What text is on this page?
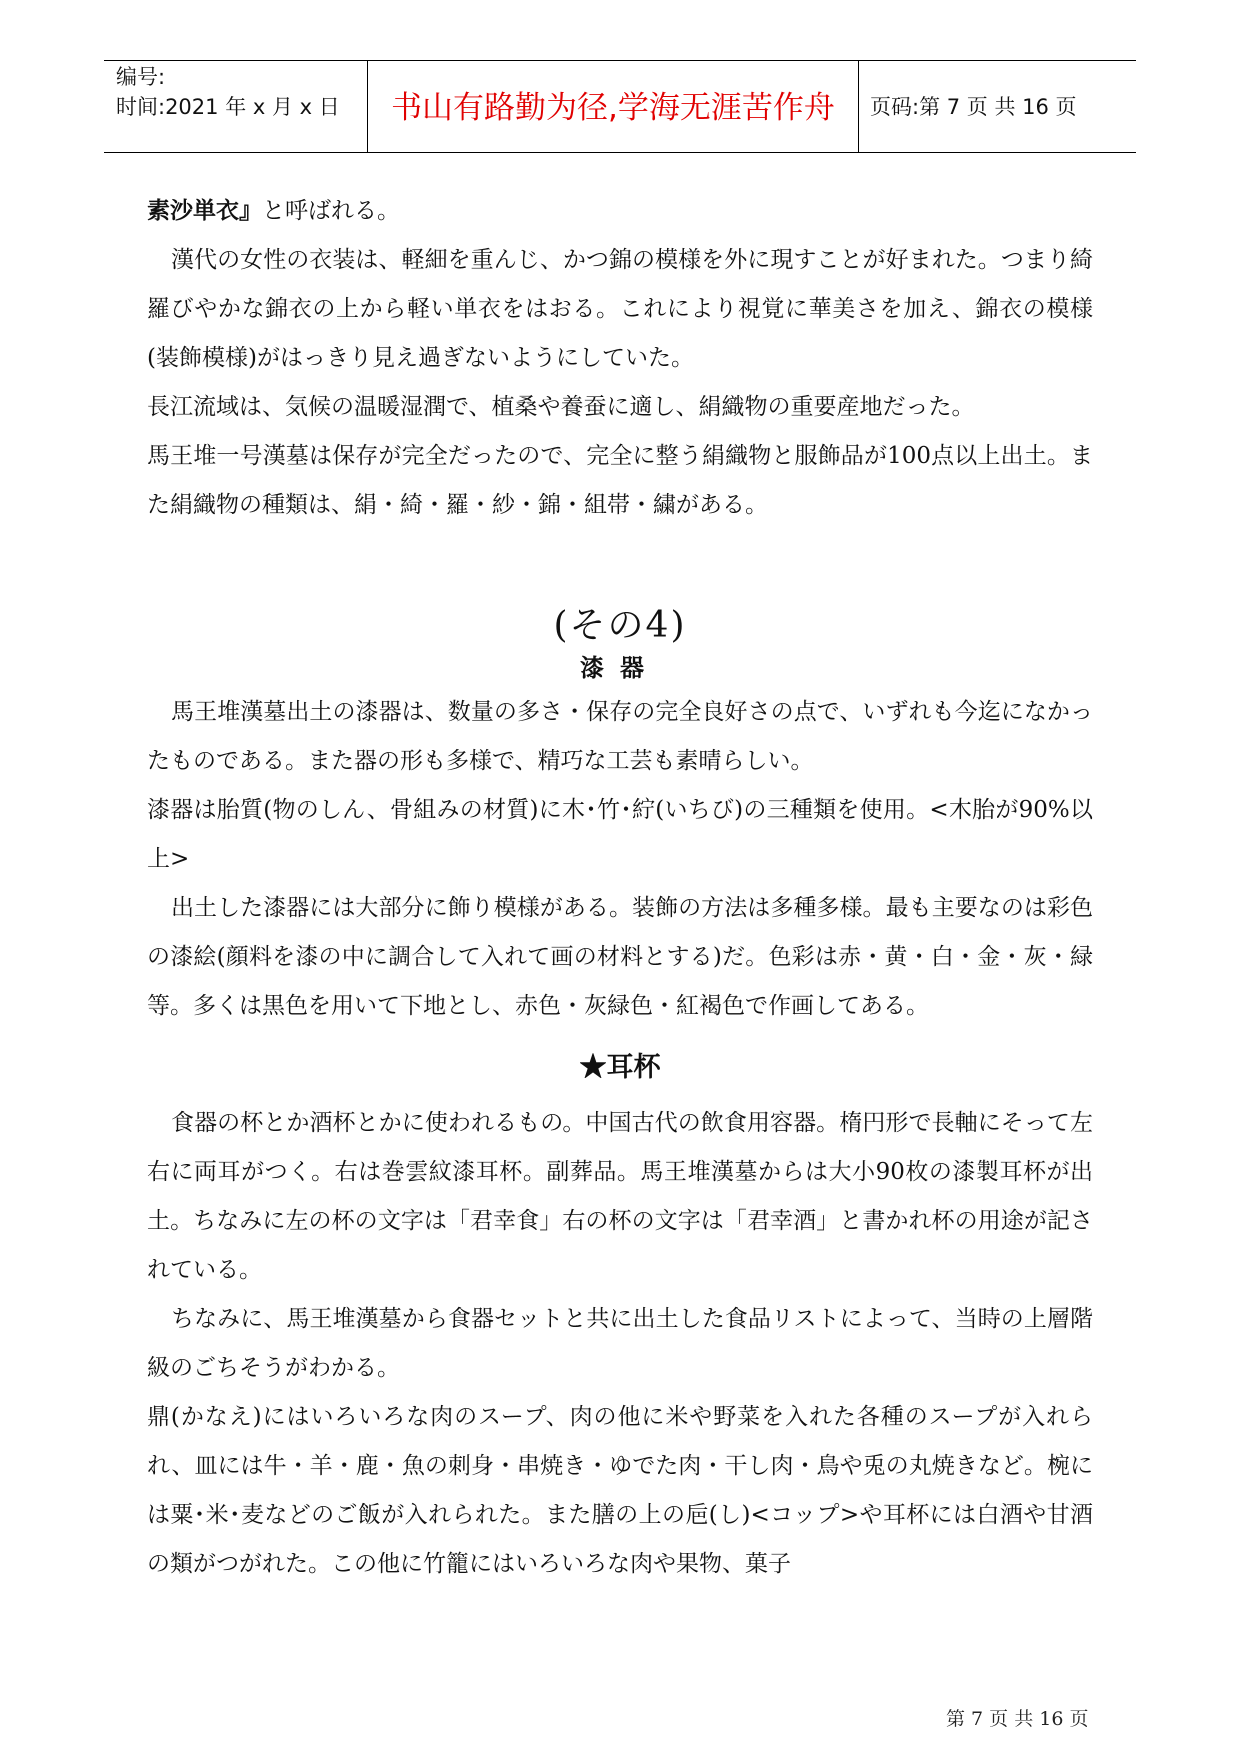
编号:
时间:2021 年 x 月 x 日	书山有路勤为径,学海无涯苦作舟	页码:第 7 页 共 16 页

素沙単衣』と呼ばれる。

漢代の女性の衣装は、軽細を重んじ、かつ錦の模様を外に現すことが好まれた。つまり綺羅びやかな錦衣の上から軽い単衣をはおる。これにより視覚に華美さを加え、錦衣の模様(装飾模様)がはっきり見え過ぎないようにしていた。

長江流域は、気候の温暖湿潤で、植桑や養蚕に適し、絹織物の重要産地だった。

馬王堆一号漢墓は保存が完全だったので、完全に整う絹織物と服飾品が100点以上出土。また絹織物の種類は、絹・綺・羅・紗・錦・組帯・繍がある。

(その4)

漆器

馬王堆漢墓出土の漆器は、数量の多さ・保存の完全良好さの点で、いずれも今迄になかったものである。また器の形も多様で、精巧な工芸も素晴らしい。

漆器は胎質(物のしん、骨組みの材質)に木･竹･紵(いちび)の三種類を使用。<木胎が90%以上>

出土した漆器には大部分に飾り模様がある。装飾の方法は多種多様。最も主要なのは彩色の漆絵(顔料を漆の中に調合して入れて画の材料とする)だ。色彩は赤・黄・白・金・灰・緑等。多くは黒色を用いて下地とし、赤色・灰緑色・紅褐色で作画してある。

★耳杯

食器の杯とか酒杯とかに使われるもの。中国古代の飲食用容器。楕円形で長軸にそって左右に両耳がつく。右は巻雲紋漆耳杯。副葬品。馬王堆漢墓からは大小90枚の漆製耳杯が出土。ちなみに左の杯の文字は「君幸食」右の杯の文字は「君幸酒」と書かれ杯の用途が記されている。

ちなみに、馬王堆漢墓から食器セットと共に出土した食品リストによって、当時の上層階級のごちそうがわかる。

鼎(かなえ)にはいろいろな肉のスープ、肉の他に米や野菜を入れた各種のスープが入れられ、皿には牛・羊・鹿・魚の刺身・串焼き・ゆでた肉・干し肉・鳥や兎の丸焼きなど。椀には粟･米･麦などのご飯が入れられた。また膳の上の巵(し)<コップ>や耳杯には白酒や甘酒の類がつがれた。この他に竹籠にはいろいろな肉や果物、菓子

第 7 页 共 16 页
